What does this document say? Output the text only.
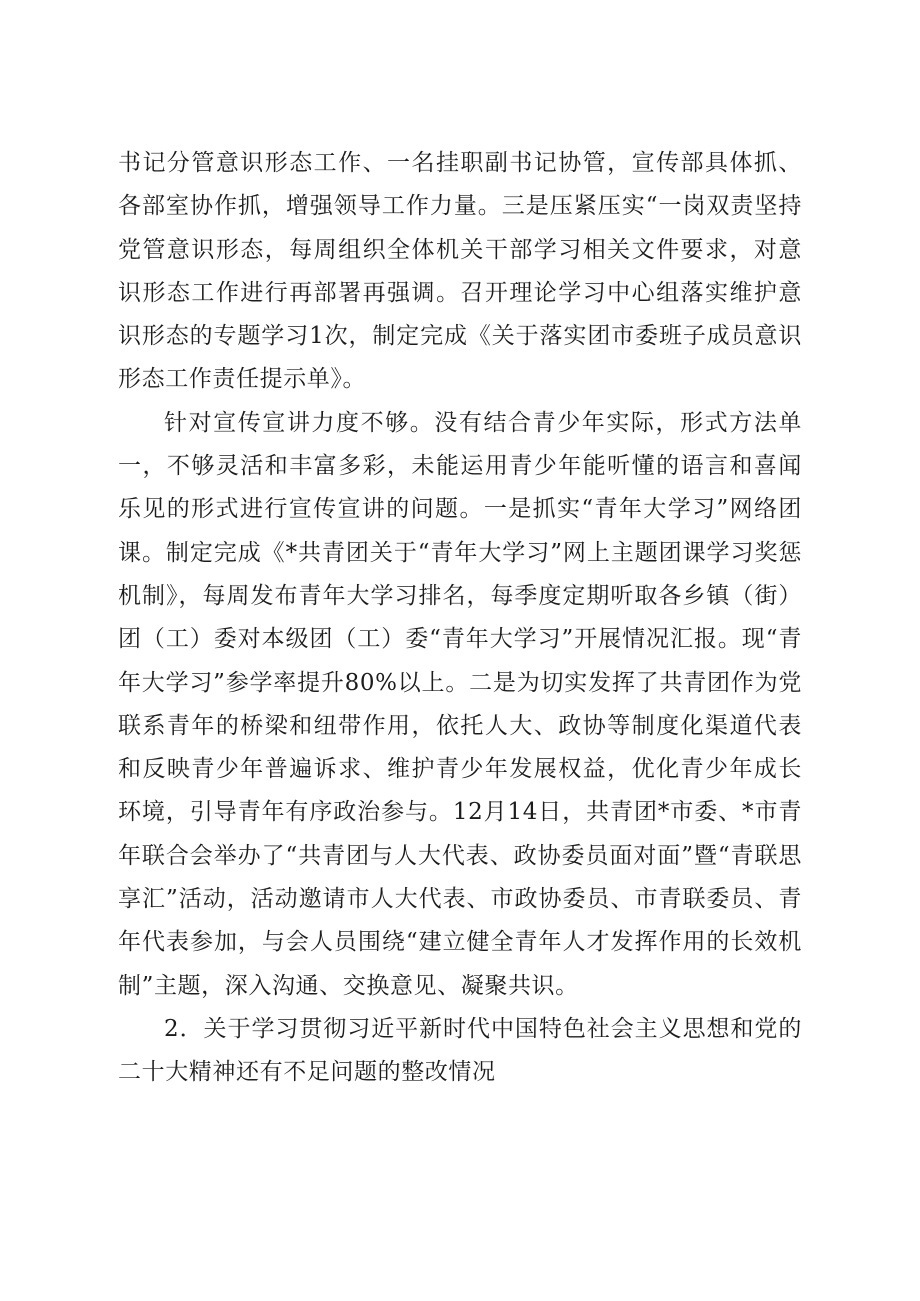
书记分管意识形态工作、一名挂职副书记协管，宣传部具体抓、各部室协作抓，增强领导工作力量。三是压紧压实“一岗双责坚持党管意识形态，每周组织全体机关干部学习相关文件要求，对意识形态工作进行再部署再强调。召开理论学习中心组落实维护意识形态的专题学习1次，制定完成《关于落实团市委班子成员意识形态工作责任提示单》。

针对宣传宣讲力度不够。没有结合青少年实际，形式方法单一，不够灵活和丰富多彩，未能运用青少年能听懂的语言和喜闻乐见的形式进行宣传宣讲的问题。一是抓实“青年大学习”网络团课。制定完成《*共青团关于“青年大学习”网上主题团课学习奖惩机制》，每周发布青年大学习排名，每季度定期听取各乡镇（街）团（工）委对本级团（工）委“青年大学习”开展情况汇报。现“青年大学习”参学率提升80%以上。二是为切实发挥了共青团作为党联系青年的桥梁和纽带作用，依托人大、政协等制度化渠道代表和反映青少年普遍诉求、维护青少年发展权益，优化青少年成长环境，引导青年有序政治参与。12月14日，共青团*市委、*市青年联合会举办了“共青团与人大代表、政协委员面对面”暨“青联思享汇”活动，活动邀请市人大代表、市政协委员、市青联委员、青年代表参加，与会人员围绕“建立健全青年人才发挥作用的长效机制”主题，深入沟通、交换意见、凝聚共识。

2．关于学习贯彻习近平新时代中国特色社会主义思想和党的二十大精神还有不足问题的整改情况
